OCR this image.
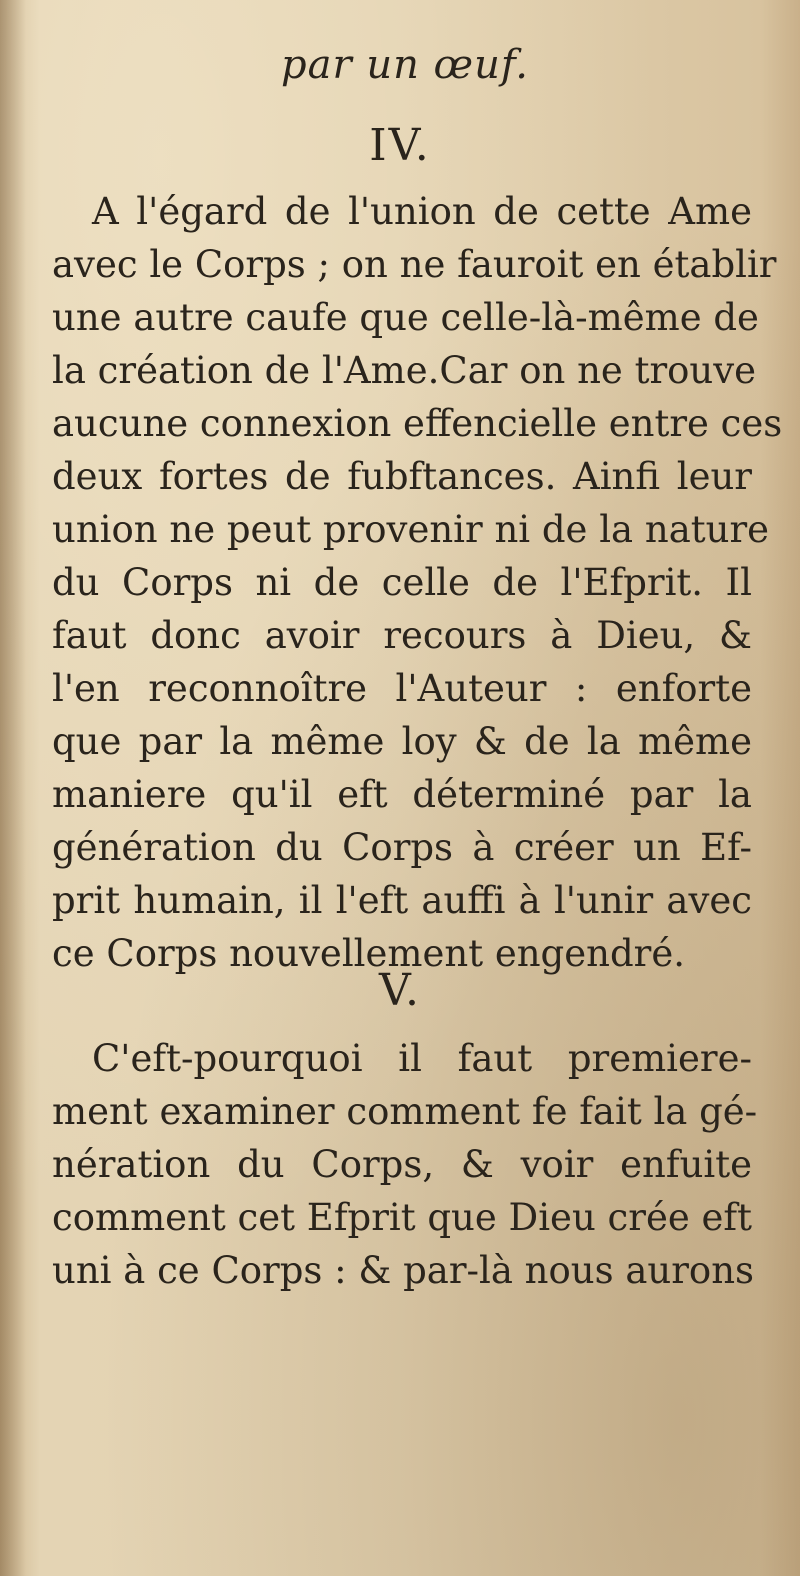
par un œuf.
IV.
A l'égard de l'union de cette Ame
avec le Corps ; on ne fauroit en établir
une autre caufe que celle-là-même de
la création de l'Ame.Car on ne trouve
aucune connexion effencielle entre ces
deux fortes de fubftances. Ainfi leur
union ne peut provenir ni de la nature
du Corps ni de celle de l'Efprit. Il
faut donc avoir recours à Dieu, &
l'en reconnoître l'Auteur : enforte
que par la même loy & de la même
maniere qu'il eft déterminé par la
génération du Corps à créer un Ef-
prit humain, il l'eft auffi à l'unir avec
ce Corps nouvellement engendré.
V.
C'eft-pourquoi il faut premiere-
ment examiner comment fe fait la gé-
nération du Corps, & voir enfuite
comment cet Efprit que Dieu crée eft
uni à ce Corps : & par-là nous aurons
